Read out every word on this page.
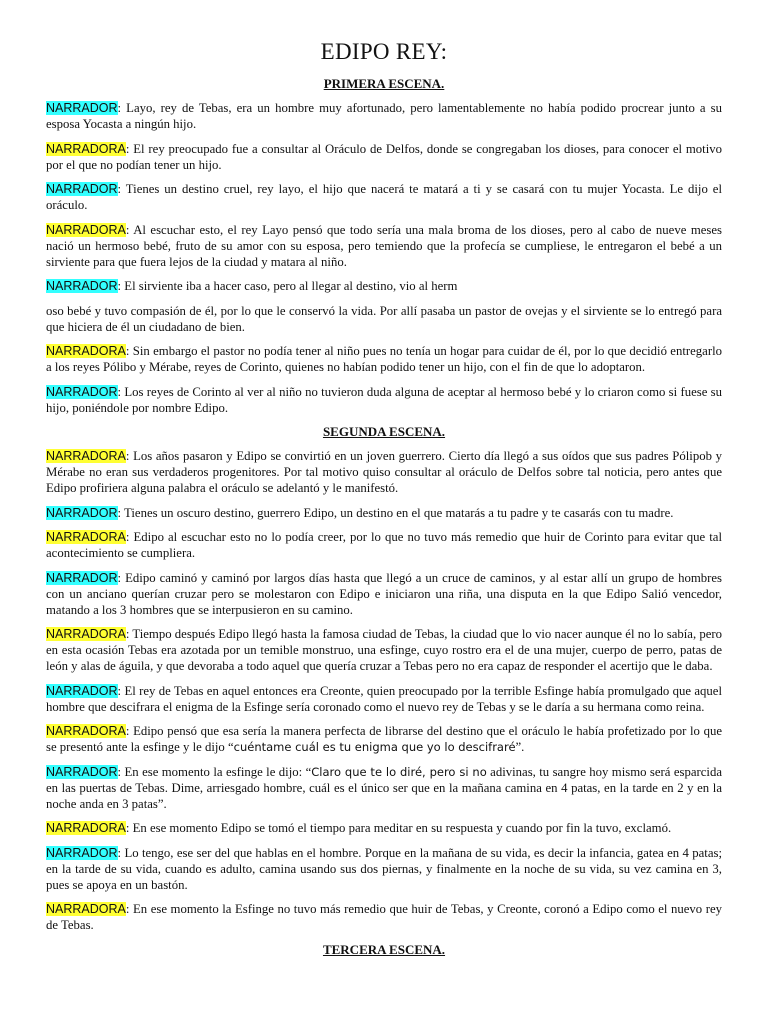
EDIPO REY:
PRIMERA ESCENA.

NARRADOR: Layo, rey de Tebas, era un hombre muy afortunado, pero lamentablemente no había podido procrear junto a su esposa Yocasta a ningún hijo.

NARRADORA: El rey preocupado fue a consultar al Oráculo de Delfos, donde se congregaban los dioses, para conocer el motivo por el que no podían tener un hijo.

NARRADOR: Tienes un destino cruel, rey layo, el hijo que nacerá te matará a ti y se casará con tu mujer Yocasta. Le dijo el oráculo.

NARRADORA: Al escuchar esto, el rey Layo pensó que todo sería una mala broma de los dioses, pero al cabo de nueve meses nació un hermoso bebé, fruto de su amor con su esposa, pero temiendo que la profecía se cumpliese, le entregaron el bebé a un sirviente para que fuera lejos de la ciudad y matara al niño.

NARRADOR: El sirviente iba a hacer caso, pero al llegar al destino, vio al herm

oso bebé y tuvo compasión de él, por lo que le conservó la vida. Por allí pasaba un pastor de ovejas y el sirviente se lo entregó para que hiciera de él un ciudadano de bien.

NARRADORA: Sin embargo el pastor no podía tener al niño pues no tenía un hogar para cuidar de él, por lo que decidió entregarlo a los reyes Pólibo y Mérabe, reyes de Corinto, quienes no habían podido tener un hijo, con el fin de que lo adoptaron.

NARRADOR: Los reyes de Corinto al ver al niño no tuvieron duda alguna de aceptar al hermoso bebé y lo criaron como si fuese su hijo, poniéndole por nombre Edipo.

SEGUNDA ESCENA.

NARRADORA: Los años pasaron y Edipo se convirtió en un joven guerrero. Cierto día llegó a sus oídos que sus padres Pólipob y Mérabe no eran sus verdaderos progenitores. Por tal motivo quiso consultar al oráculo de Delfos sobre tal noticia, pero antes que Edipo profiriera alguna palabra el oráculo se adelantó y le manifestó.

NARRADOR: Tienes un oscuro destino, guerrero Edipo, un destino en el que matarás a tu padre y te casarás con tu madre.

NARRADORA: Edipo al escuchar esto no lo podía creer, por lo que no tuvo más remedio que huir de Corinto para evitar que tal acontecimiento se cumpliera.

NARRADOR: Edipo caminó y caminó por largos días hasta que llegó a un cruce de caminos, y al estar allí un grupo de hombres con un anciano querían cruzar pero se molestaron con Edipo e iniciaron una riña, una disputa en la que Edipo Salió vencedor, matando a los 3 hombres que se interpusieron en su camino.

NARRADORA: Tiempo después Edipo llegó hasta la famosa ciudad de Tebas, la ciudad que lo vio nacer aunque él no lo sabía, pero en esta ocasión Tebas era azotada por un temible monstruo, una esfinge, cuyo rostro era el de una mujer, cuerpo de perro, patas de león y alas de águila, y que devoraba a todo aquel que quería cruzar a Tebas pero no era capaz de responder el acertijo que le daba.

NARRADOR: El rey de Tebas en aquel entonces era Creonte, quien preocupado por la terrible Esfinge había promulgado que aquel hombre que descifrara el enigma de la Esfinge sería coronado como el nuevo rey de Tebas y se le daría a su hermana como reina.

NARRADORA: Edipo pensó que esa sería la manera perfecta de librarse del destino que el oráculo le había profetizado por lo que se presentó ante la esfinge y le dijo “cuéntame cuál es tu enigma que yo lo descifraré”.

NARRADOR: En ese momento la esfinge le dijo: “Claro que te lo diré, pero si no adivinas, tu sangre hoy mismo será esparcida en las puertas de Tebas. Dime, arriesgado hombre, cuál es el único ser que en la mañana camina en 4 patas, en la tarde en 2 y en la noche anda en 3 patas”.

NARRADORA: En ese momento Edipo se tomó el tiempo para meditar en su respuesta y cuando por fin la tuvo, exclamó.

NARRADOR: Lo tengo, ese ser del que hablas en el hombre. Porque en la mañana de su vida, es decir la infancia, gatea en 4 patas; en la tarde de su vida, cuando es adulto, camina usando sus dos piernas, y finalmente en la noche de su vida, su vez camina en 3, pues se apoya en un bastón.

NARRADORA: En ese momento la Esfinge no tuvo más remedio que huir de Tebas, y Creonte, coronó a Edipo como el nuevo rey de Tebas.

TERCERA ESCENA.
